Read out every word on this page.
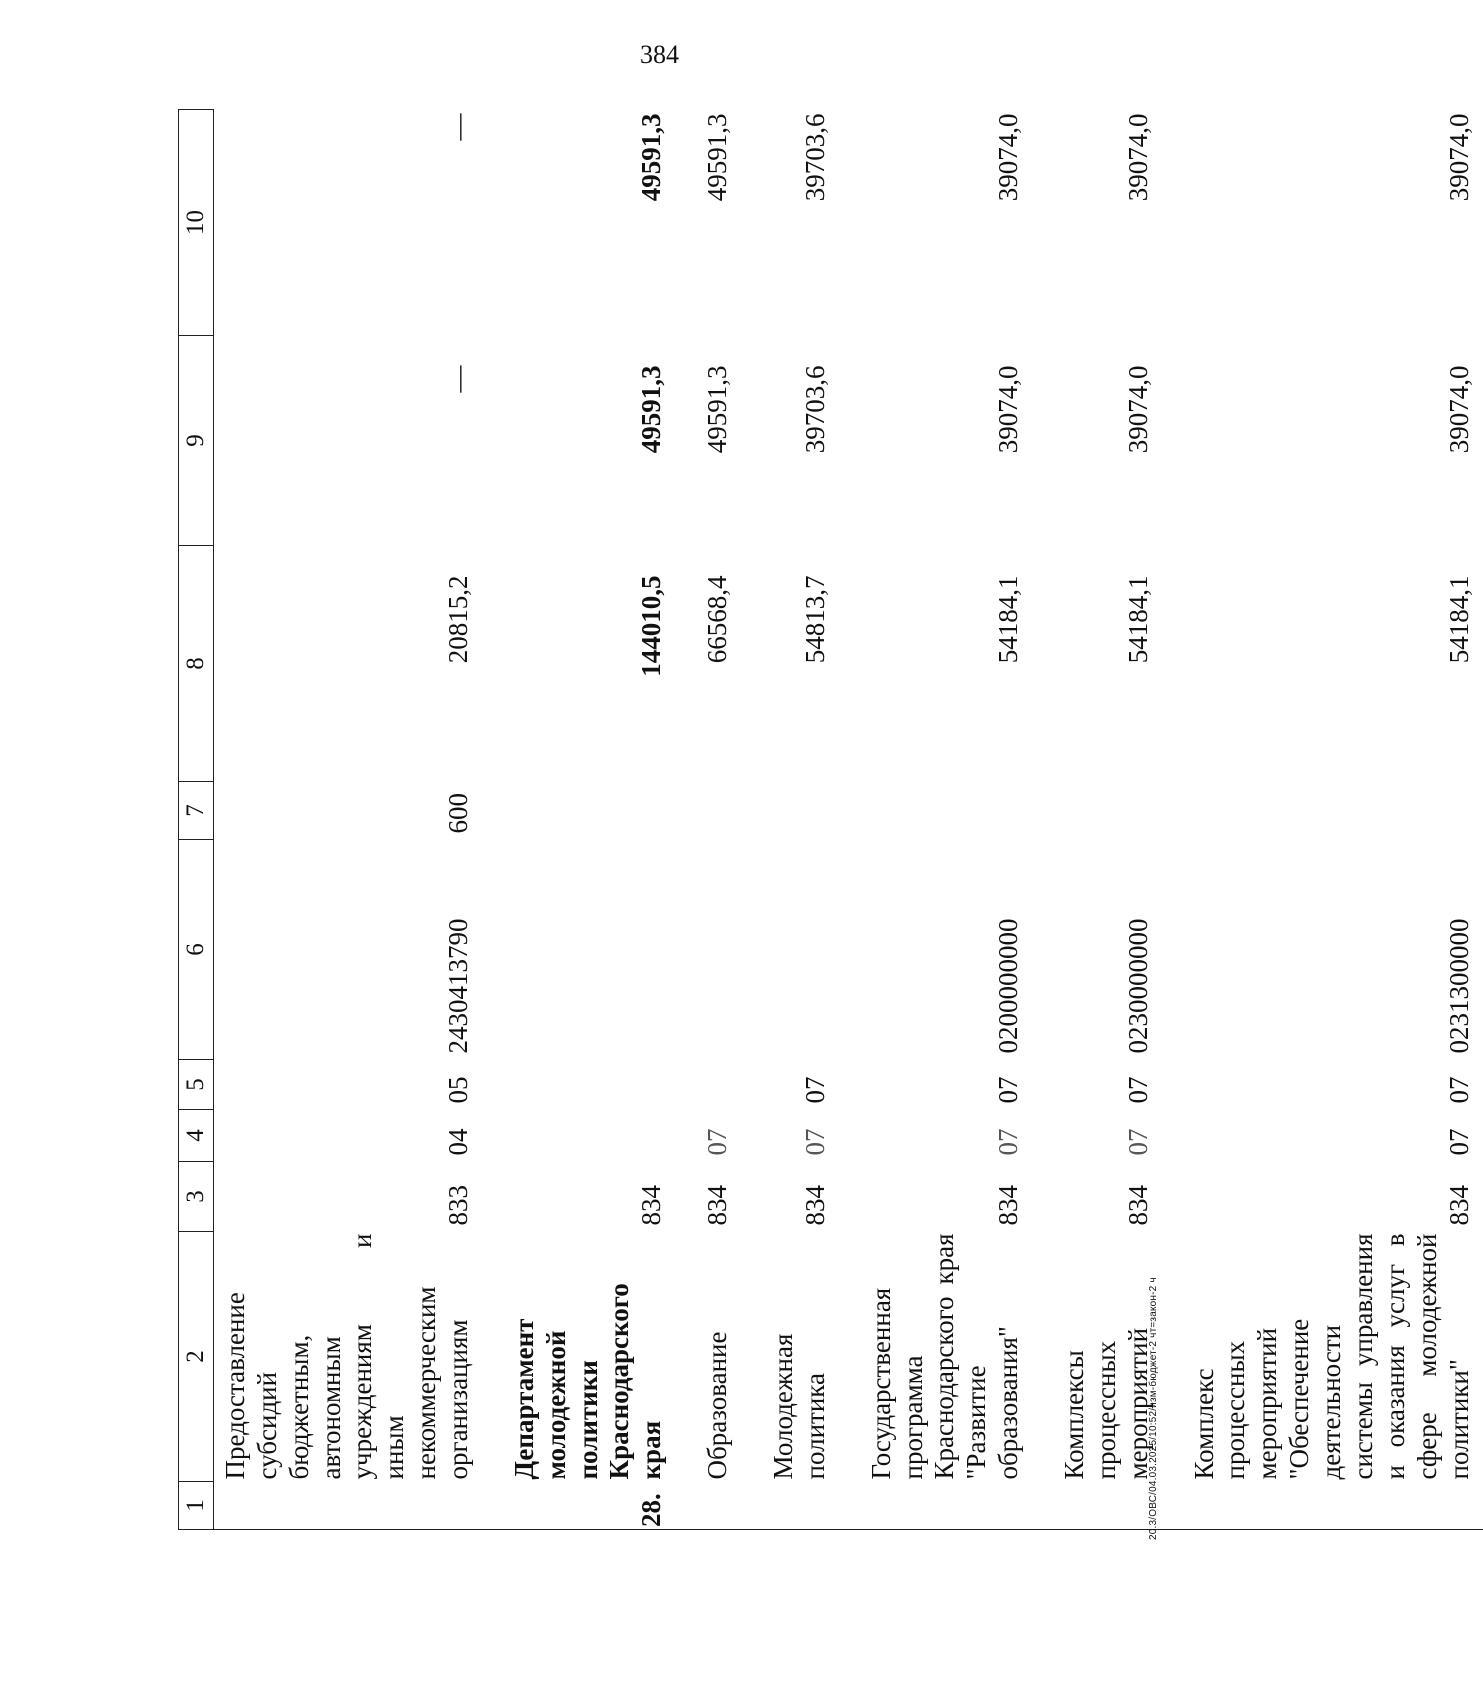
384
1	2	3	4	5	6	7	8	9	10
	Предоставление субсидий бюджетным, автономным учреждениям и иным некоммерческим организациям	833	04	05	2430413790	600	20815,2	—	—

28.	Департамент молодежной политики Краснодарского края	834					144010,5	49591,3	49591,3

	Образование	834	07				66568,4	49591,3	49591,3

	Молодежная политика	834	07	07			54813,7	39703,6	39703,6

	Государственная программа Краснодарского края "Развитие образования"	834	07	07	0200000000		54184,1	39074,0	39074,0

	Комплексы процессных мероприятий	834	07	07	0230000000		54184,1	39074,0	39074,0

	Комплекс процессных мероприятий "Обеспечение деятельности системы управления и оказания услуг в сфере молодежной политики"	834	07	07	0231300000		54184,1	39074,0	39074,0
20.3/ОВС/04.03.2025/10:52/изм-бюджет-2 чт=закон-2 ч
